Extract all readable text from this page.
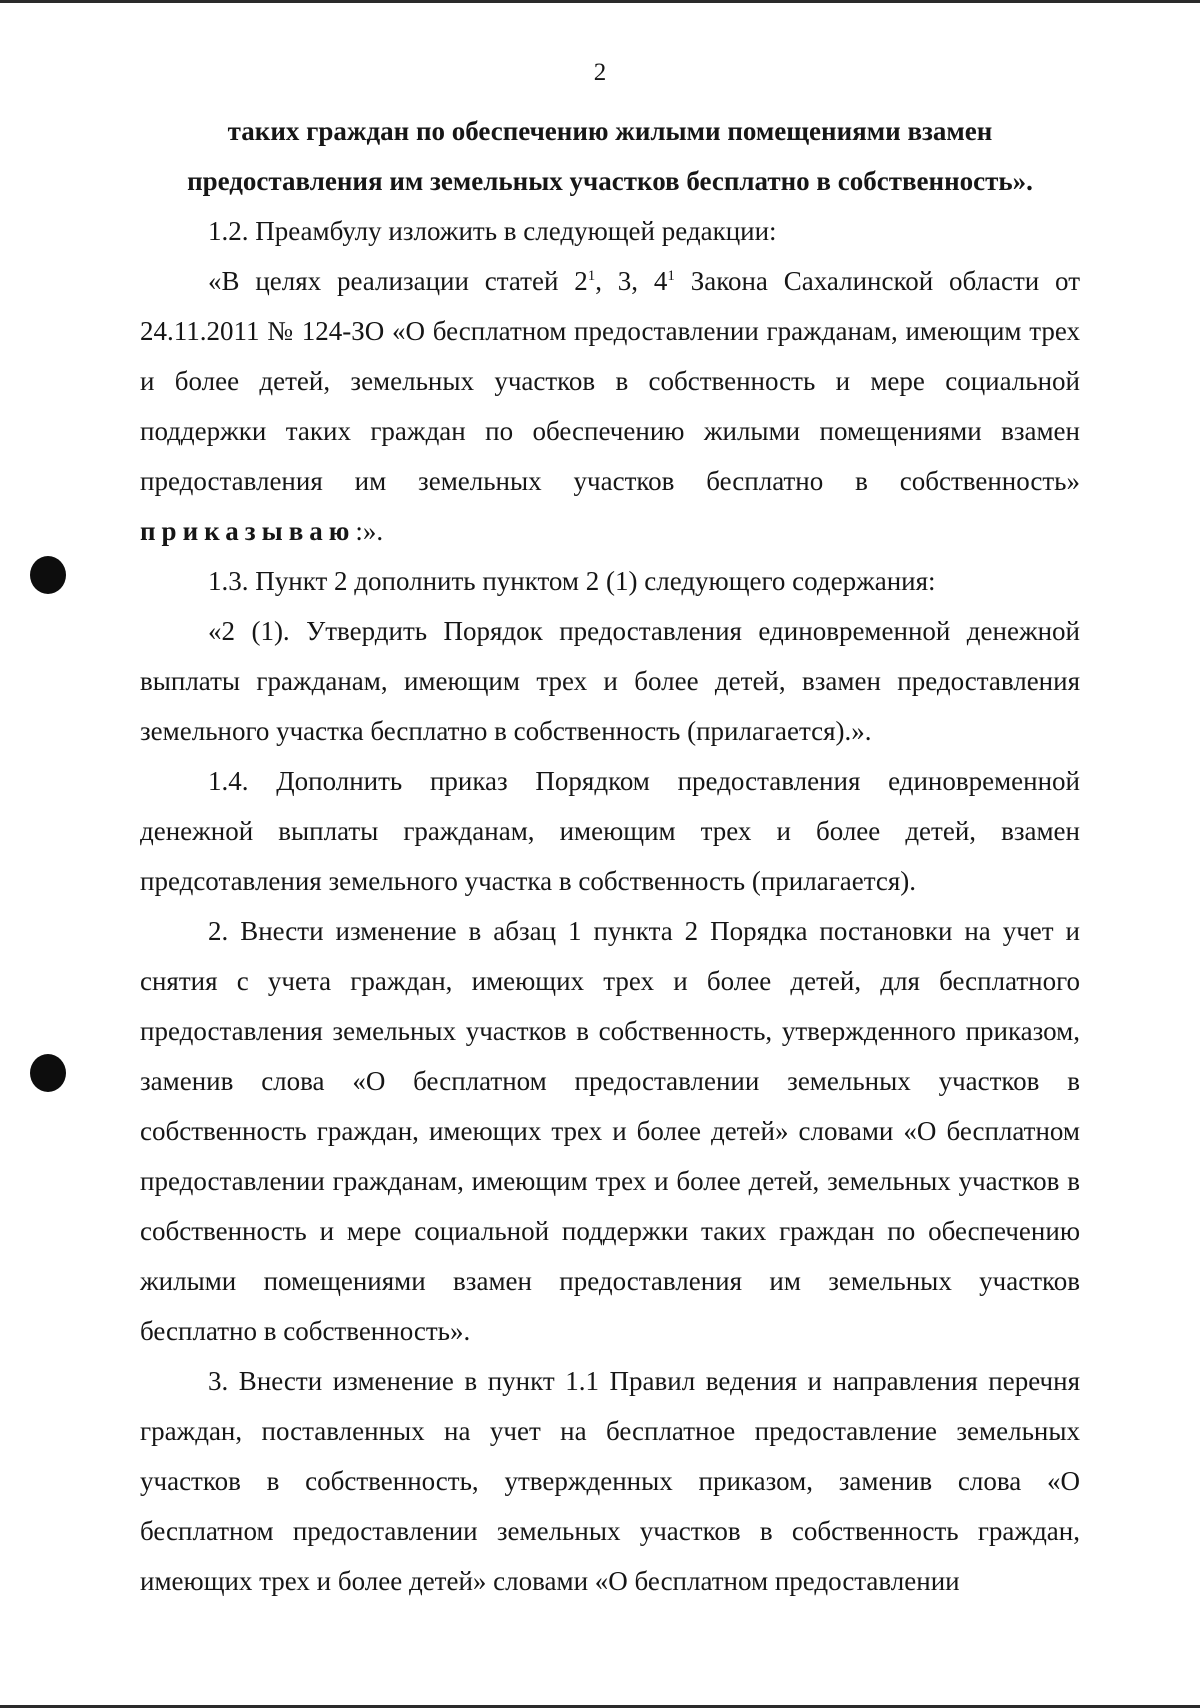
2

таких граждан по обеспечению жилыми помещениями взамен
предоставления им земельных участков бесплатно в собственность».

1.2. Преамбулу изложить в следующей редакции:

«В целях реализации статей $2^1$, 3, $4^1$ Закона Сахалинской области от 24.11.2011 № 124-ЗО «О бесплатном предоставлении гражданам, имеющим трех и более детей, земельных участков в собственность и мере социальной поддержки таких граждан по обеспечению жилыми помещениями взамен предоставления им земельных участков бесплатно в собственность» приказываю:».

1.3. Пункт 2 дополнить пунктом 2 (1) следующего содержания:

«2 (1). Утвердить Порядок предоставления единовременной денежной выплаты гражданам, имеющим трех и более детей, взамен предоставления земельного участка бесплатно в собственность (прилагается).».

1.4. Дополнить приказ Порядком предоставления единовременной денежной выплаты гражданам, имеющим трех и более детей, взамен предсотавления земельного участка в собственность (прилагается).

2. Внести изменение в абзац 1 пункта 2 Порядка постановки на учет и снятия с учета граждан, имеющих трех и более детей, для бесплатного предоставления земельных участков в собственность, утвержденного приказом, заменив слова «О бесплатном предоставлении земельных участков в собственность граждан, имеющих трех и более детей» словами «О бесплатном предоставлении гражданам, имеющим трех и более детей, земельных участков в собственность и мере социальной поддержки таких граждан по обеспечению жилыми помещениями взамен предоставления им земельных участков бесплатно в собственность».

3. Внести изменение в пункт 1.1 Правил ведения и направления перечня граждан, поставленных на учет на бесплатное предоставление земельных участков в собственность, утвержденных приказом, заменив слова «О бесплатном предоставлении земельных участков в собственность граждан, имеющих трех и более детей» словами «О бесплатном предоставлении
